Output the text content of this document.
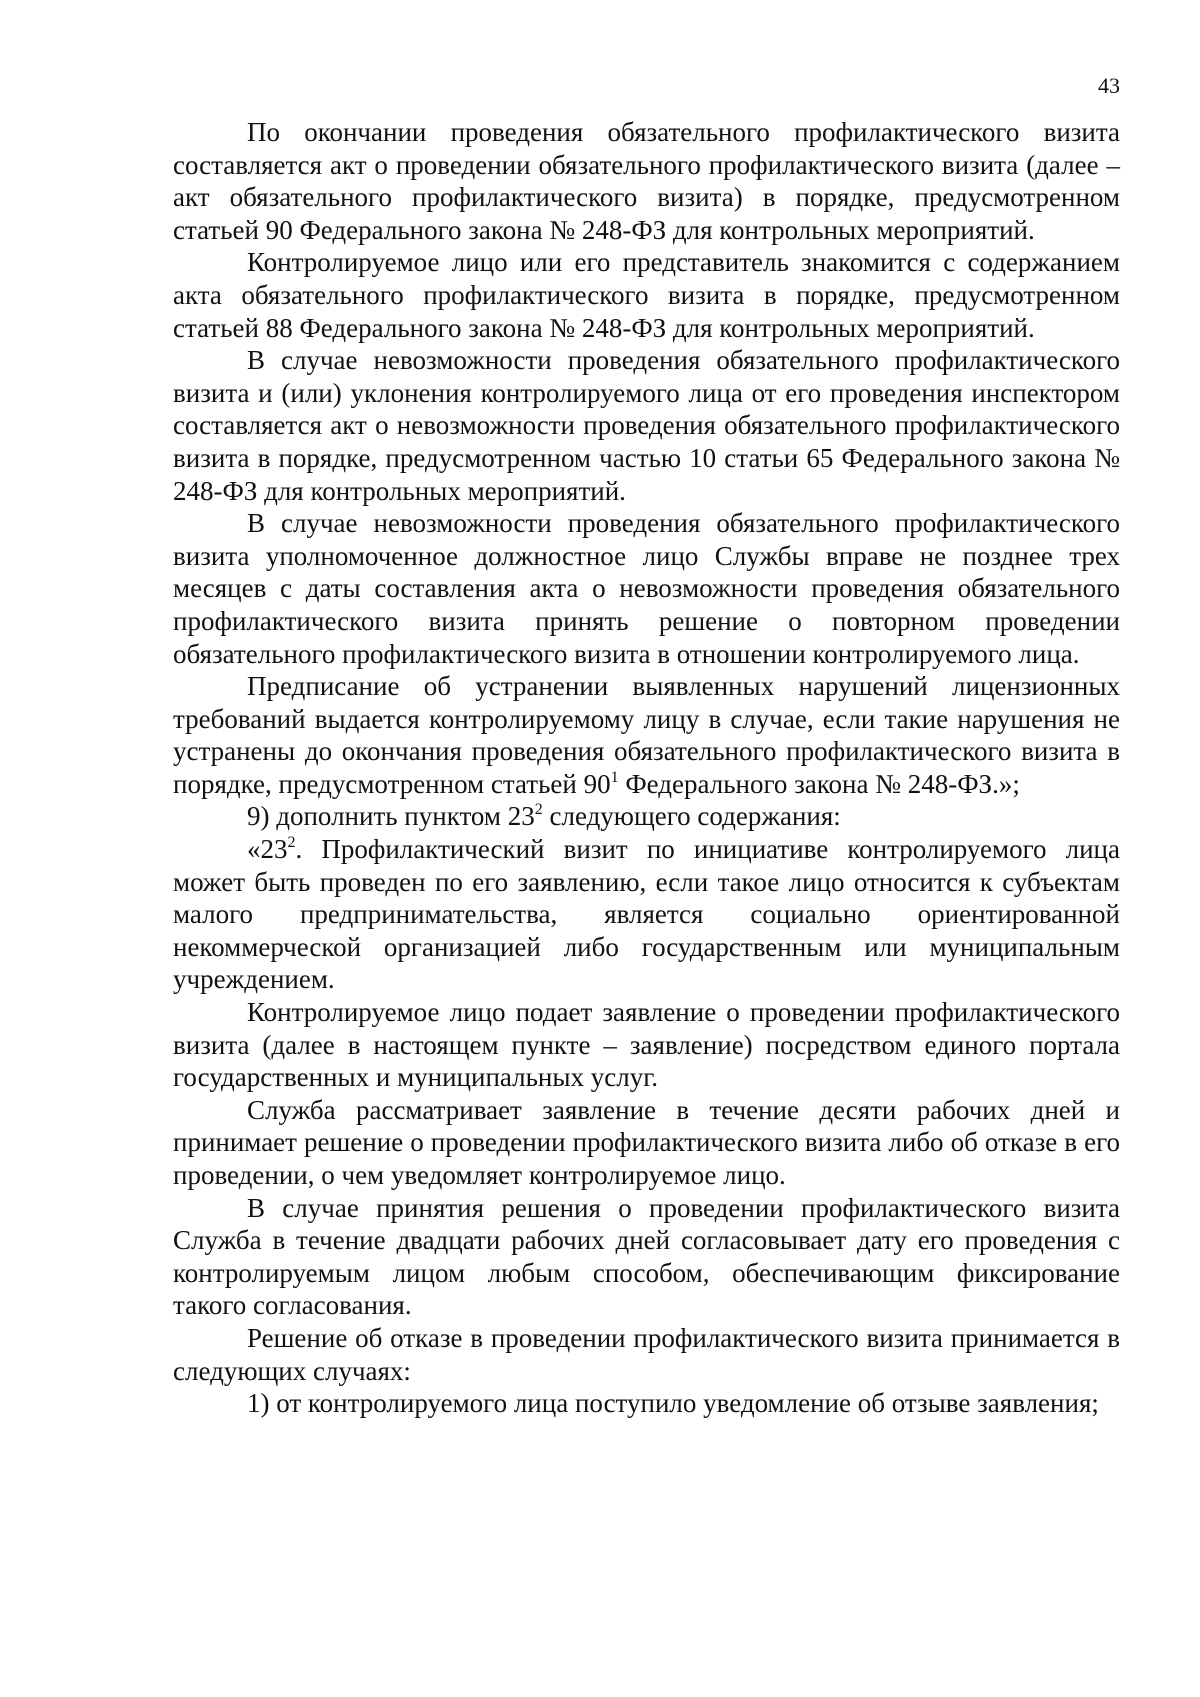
43

По окончании проведения обязательного профилактического визита составляется акт о проведении обязательного профилактического визита (далее – акт обязательного профилактического визита) в порядке, предусмотренном статьей 90 Федерального закона № 248-ФЗ для контрольных мероприятий.

Контролируемое лицо или его представитель знакомится с содержанием акта обязательного профилактического визита в порядке, предусмотренном статьей 88 Федерального закона № 248-ФЗ для контрольных мероприятий.

В случае невозможности проведения обязательного профилактического визита и (или) уклонения контролируемого лица от его проведения инспектором составляется акт о невозможности проведения обязательного профилактического визита в порядке, предусмотренном частью 10 статьи 65 Федерального закона № 248-ФЗ для контрольных мероприятий.

В случае невозможности проведения обязательного профилактического визита уполномоченное должностное лицо Службы вправе не позднее трех месяцев с даты составления акта о невозможности проведения обязательного профилактического визита принять решение о повторном проведении обязательного профилактического визита в отношении контролируемого лица.

Предписание об устранении выявленных нарушений лицензионных требований выдается контролируемому лицу в случае, если такие нарушения не устранены до окончания проведения обязательного профилактического визита в порядке, предусмотренном статьей $90^1$ Федерального закона № 248-ФЗ.»;

9) дополнить пунктом $23^2$ следующего содержания:

«$23^2$. Профилактический визит по инициативе контролируемого лица может быть проведен по его заявлению, если такое лицо относится к субъектам малого предпринимательства, является социально ориентированной некоммерческой организацией либо государственным или муниципальным учреждением.

Контролируемое лицо подает заявление о проведении профилактического визита (далее в настоящем пункте – заявление) посредством единого портала государственных и муниципальных услуг.

Служба рассматривает заявление в течение десяти рабочих дней и принимает решение о проведении профилактического визита либо об отказе в его проведении, о чем уведомляет контролируемое лицо.

В случае принятия решения о проведении профилактического визита Служба в течение двадцати рабочих дней согласовывает дату его проведения с контролируемым лицом любым способом, обеспечивающим фиксирование такого согласования.

Решение об отказе в проведении профилактического визита принимается в следующих случаях:

1) от контролируемого лица поступило уведомление об отзыве заявления;
